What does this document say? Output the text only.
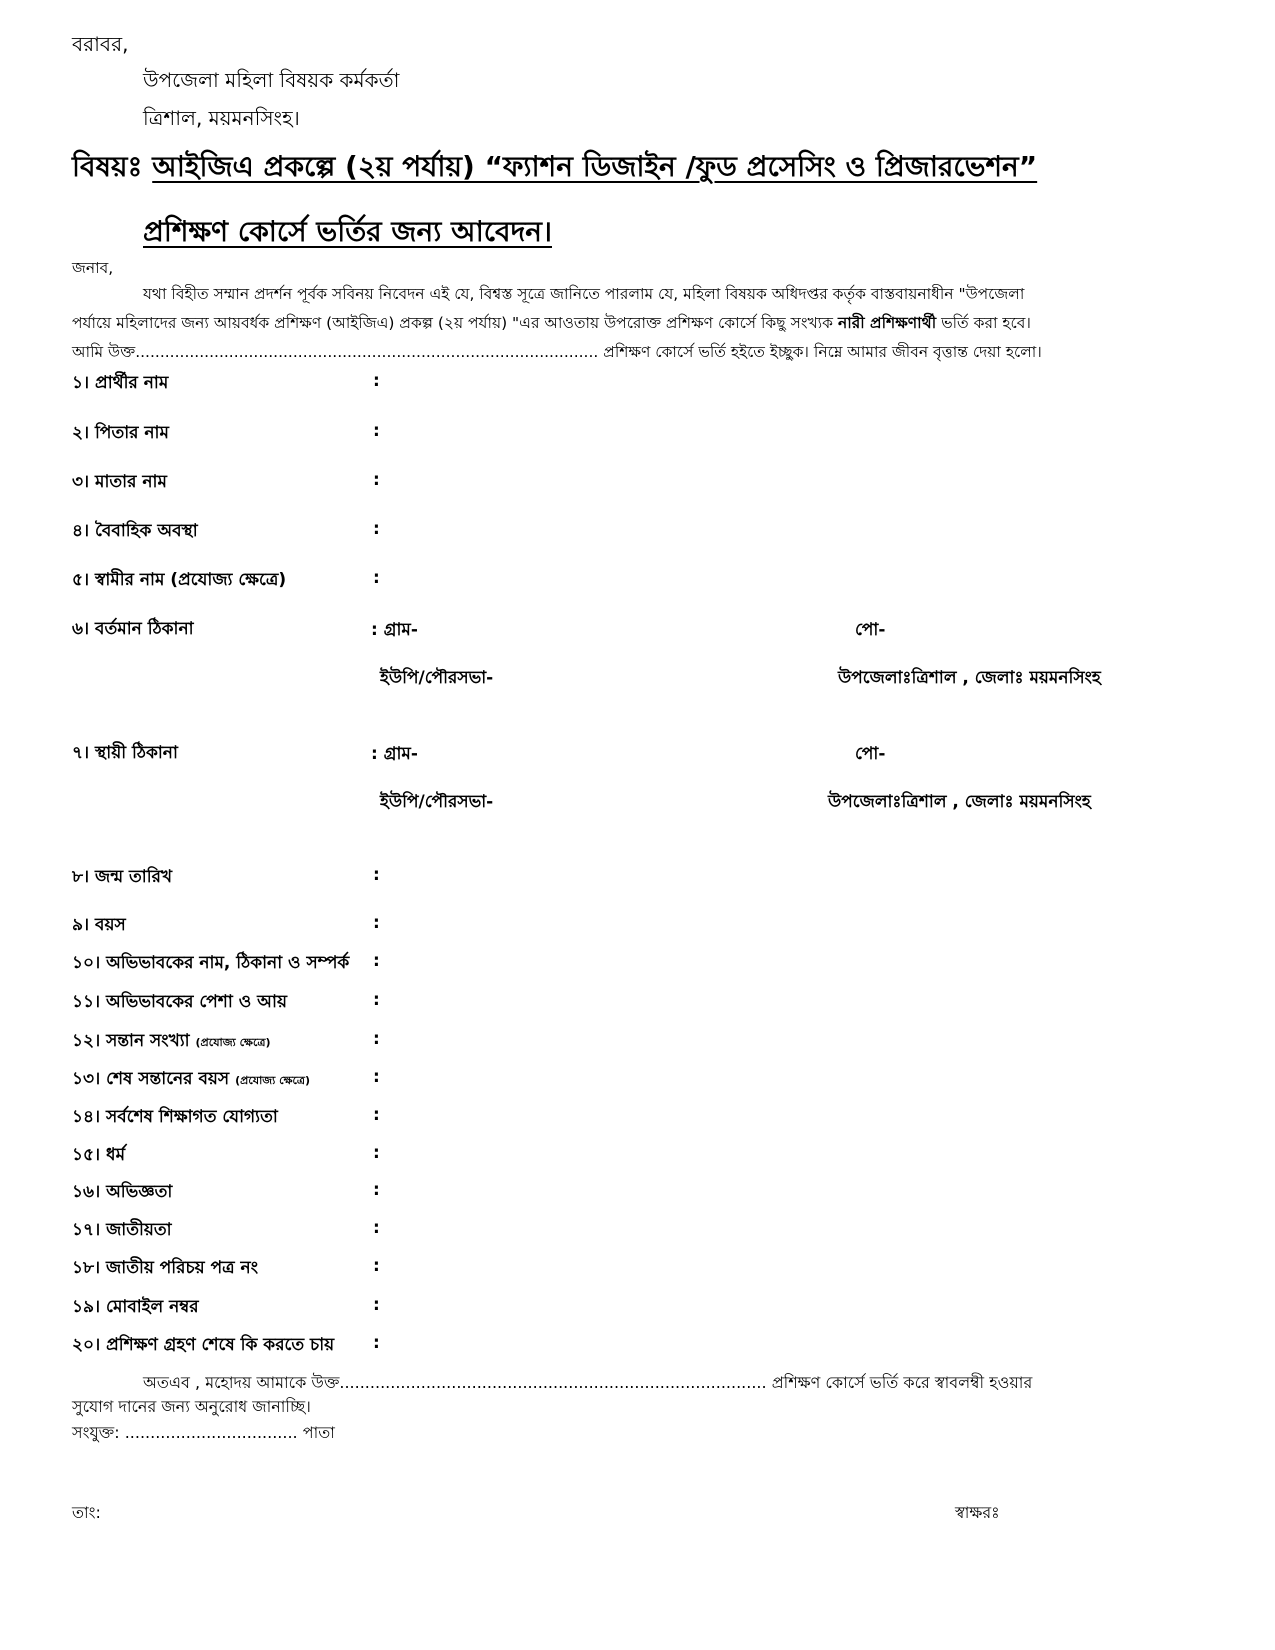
বরাবর,
উপজেলা মহিলা বিষয়ক কর্মকর্তা
ত্রিশাল, ময়মনসিংহ।
বিষয়ঃ আইজিএ প্রকল্পে (২য় পর্যায়) “ফ্যাশন ডিজাইন /ফুড প্রসেসিং ও প্রিজারভেশন”
প্রশিক্ষণ কোর্সে ভর্তির জন্য আবেদন।
জনাব,
যথা বিহীত সম্মান প্রদর্শন পূর্বক সবিনয় নিবেদন এই যে, বিশ্বস্ত সূত্রে জানিতে পারলাম যে, মহিলা বিষয়ক অধিদপ্তর কর্তৃক বাস্তবায়নাধীন "উপজেলা
পর্যায়ে মহিলাদের জন্য আয়বর্ধক প্রশিক্ষণ (আইজিএ) প্রকল্প (২য় পর্যায়) "এর আওতায় উপরোক্ত প্রশিক্ষণ কোর্সে কিছু সংখ্যক নারী প্রশিক্ষণার্থী ভর্তি করা হবে।
আমি উক্ত.............................................................................................. প্রশিক্ষণ কোর্সে ভর্তি হইতে ইচ্ছুক। নিম্নে আমার জীবন বৃত্তান্ত দেয়া হলো।
১। প্রার্থীর নাম	:
২। পিতার নাম	:
৩। মাতার নাম	:
৪। বৈবাহিক অবস্থা	:
৫। স্বামীর নাম (প্রযোজ্য ক্ষেত্রে)	:
৬। বর্তমান ঠিকানা	: গ্রাম-	পো-
ইউপি/পৌরসভা-	উপজেলাঃত্রিশাল , জেলাঃ ময়মনসিংহ
৭। স্থায়ী ঠিকানা	: গ্রাম-	পো-
ইউপি/পৌরসভা-	উপজেলাঃত্রিশাল , জেলাঃ ময়মনসিংহ
৮। জন্ম তারিখ	:
৯। বয়স	:
১০। অভিভাবকের নাম, ঠিকানা ও সম্পর্ক :
১১। অভিভাবকের পেশা ও আয়	:
১২। সন্তান সংখ্যা (প্রযোজ্য ক্ষেত্রে)	:
১৩। শেষ সন্তানের বয়স (প্রযোজ্য ক্ষেত্রে)	:
১৪। সর্বশেষ শিক্ষাগত যোগ্যতা	:
১৫। ধর্ম	:
১৬। অভিজ্ঞতা	:
১৭। জাতীয়তা	:
১৮। জাতীয় পরিচয় পত্র নং	:
১৯। মোবাইল নম্বর	:
২০। প্রশিক্ষণ গ্রহণ শেষে কি করতে চায় :
অতএব , মহোদয় আমাকে উক্ত.................................................................................... প্রশিক্ষণ কোর্সে ভর্তি করে স্বাবলম্বী হওয়ার
সুযোগ দানের জন্য অনুরোধ জানাচ্ছি।
সংযুক্ত: .................................. পাতা
তাং:	স্বাক্ষরঃ
